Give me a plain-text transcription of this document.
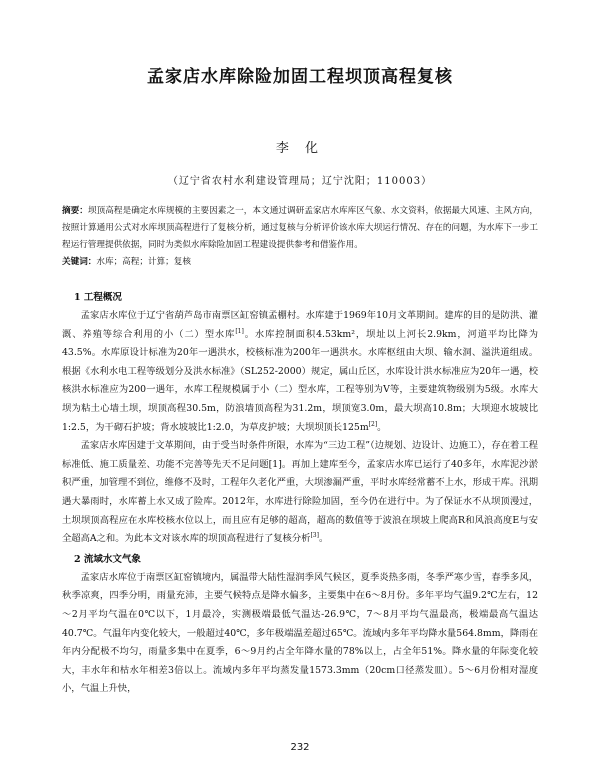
孟家店水库除险加固工程坝顶高程复核
李 化
（辽宁省农村水利建设管理局；辽宁沈阳；110003）
摘要：坝顶高程是确定水库规模的主要因素之一，本文通过调研孟家店水库库区气象、水文资料，依据最大风速、主风方向，按照计算通用公式对水库坝顶高程进行了复核分析，通过复核与分析评价该水库大坝运行情况、存在的问题，为水库下一步工程运行管理提供依据，同时为类似水库除险加固工程建设提供参考和借鉴作用。
关键词：水库；高程；计算；复核
1 工程概况

孟家店水库位于辽宁省葫芦岛市南票区缸窑镇孟棚村。水库建于1969年10月文革期间。建库的目的是防洪、灌溉、养殖等综合利用的小（二）型水库[1]。水库控制面积4.53km²，坝址以上河长2.9km，河道平均比降为43.5%。水库原设计标准为20年一遇洪水，校核标准为200年一遇洪水。水库枢纽由大坝、输水洞、溢洪道组成。根据《水利水电工程等级划分及洪水标准》（SL252-2000）规定，属山丘区，水库设计洪水标准应为20年一遇，校核洪水标准应为200一遇年，水库工程规模属于小（二）型水库，工程等别为Ⅴ等，主要建筑物级别为5级。水库大坝为粘土心墙土坝，坝顶高程30.5m，防浪墙顶高程为31.2m，坝顶宽3.0m，最大坝高10.8m；大坝迎水坡坡比1:2.5，为干砌石护坡；背水坡坡比1:2.0，为草皮护坡；大坝坝顶长125m[2]。

孟家店水库因建于文革期间，由于受当时条件所限，水库为“三边工程”（边规划、边设计、边施工），存在着工程标准低、施工质量差、功能不完善等先天不足问题[1]。再加上建库至今，孟家店水库已运行了40多年，水库泥沙淤积严重，加管理不到位，维修不及时，工程年久老化严重，大坝渗漏严重，平时水库经常蓄不上水，形成干库。汛期遇大暴雨时，水库蓄上水又成了险库。2012年，水库进行除险加固，至今仍在进行中。为了保证水不从坝顶漫过，土坝坝顶高程应在水库校核水位以上，而且应有足够的超高，超高的数值等于波浪在坝坡上爬高R和风浪高度E与安全超高A之和。为此本文对该水库的坝顶高程进行了复核分析[3]。

2 流域水文气象

孟家店水库位于南票区缸窑镇境内，属温带大陆性湿润季风气候区，夏季炎热多雨，冬季严寒少雪，春季多风，秋季凉爽，四季分明，雨量充沛，主要气候特点是降水偏多，主要集中在6～8月份。多年平均气温9.2℃左右，12～2月平均气温在0℃以下，1月最冷，实测极端最低气温达-26.9℃，7～8月平均气温最高，极端最高气温达40.7℃。气温年内变化较大，一般超过40℃，多年极端温差超过65℃。流域内多年平均降水量564.8mm，降雨在年内分配极不均匀，雨量多集中在夏季，6～9月约占全年降水量的78%以上，占全年51%。降水量的年际变化较大，丰水年和枯水年相差3倍以上。流域内多年平均蒸发量1573.3mm（20cm口径蒸发皿）。5～6月份相对湿度小，气温上升快，

232
